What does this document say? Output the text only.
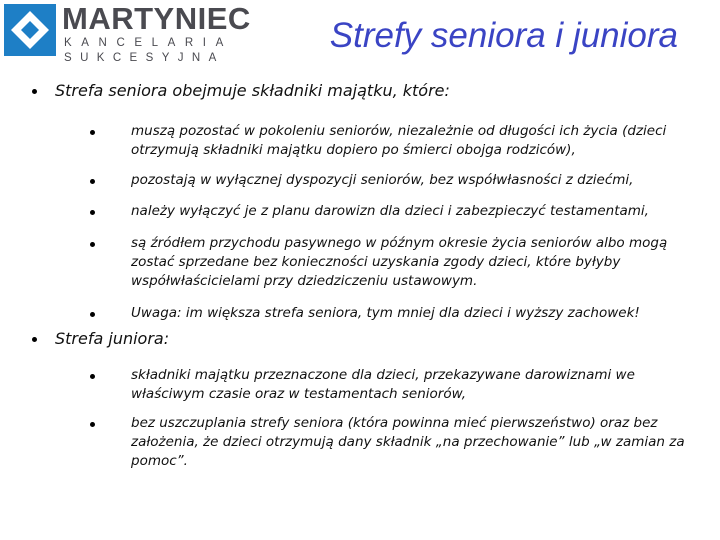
MARTYNIEC
KANCELARIA
SUKCESYJNA
Strefy seniora i juniora
Strefa seniora obejmuje składniki majątku, które:
muszą pozostać w pokoleniu seniorów, niezależnie od długości ich życia (dzieci otrzymują składniki majątku dopiero po śmierci obojga rodziców),
pozostają w wyłącznej dyspozycji seniorów, bez współwłasności z dziećmi,
należy wyłączyć je z planu darowizn dla dzieci i zabezpieczyć testamentami,
są źródłem przychodu pasywnego w późnym okresie życia seniorów albo mogą zostać sprzedane bez konieczności uzyskania zgody dzieci, które byłyby współwłaścicielami przy dziedziczeniu ustawowym.
Uwaga: im większa strefa seniora, tym mniej dla dzieci i wyższy zachowek!
Strefa juniora:
składniki majątku przeznaczone dla dzieci, przekazywane darowiznami we właściwym czasie oraz w testamentach seniorów,
bez uszczuplania strefy seniora (która powinna mieć pierwszeństwo) oraz bez założenia, że dzieci otrzymują dany składnik „na przechowanie” lub „w zamian za pomoc”.
